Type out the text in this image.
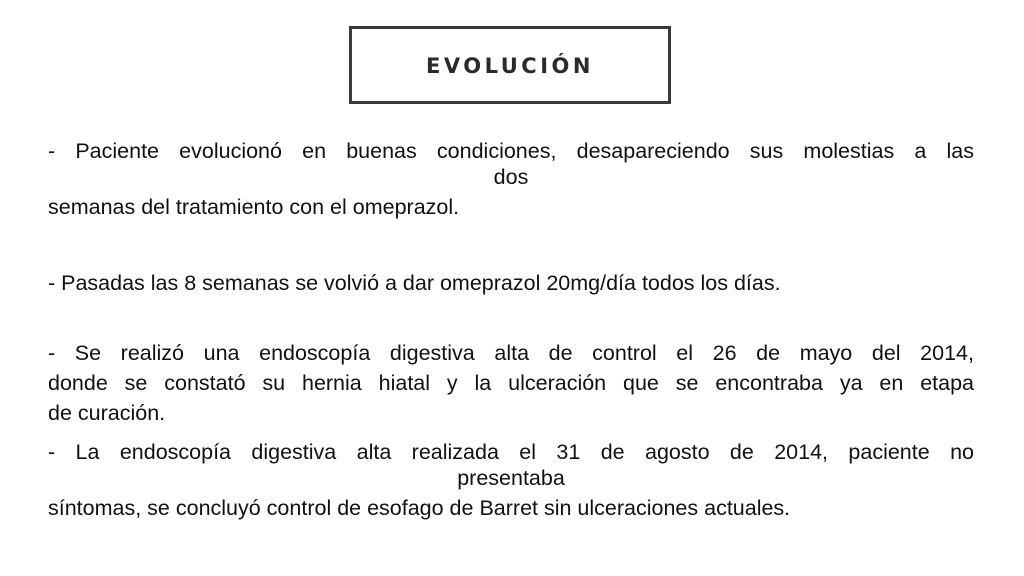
EVOLUCIÓN
- Paciente evolucionó en buenas condiciones, desapareciendo sus molestias a las
dos
semanas del tratamiento con el omeprazol.
- Pasadas las 8 semanas se volvió a dar omeprazol 20mg/día todos los días.
- Se realizó una endoscopía digestiva alta de control el 26 de mayo del 2014,
donde se constató su hernia hiatal y la ulceración que se encontraba ya en etapa
de curación.
- La endoscopía digestiva alta realizada el 31 de agosto de 2014, paciente no
presentaba
síntomas, se concluyó control de esofago de Barret sin ulceraciones actuales.
